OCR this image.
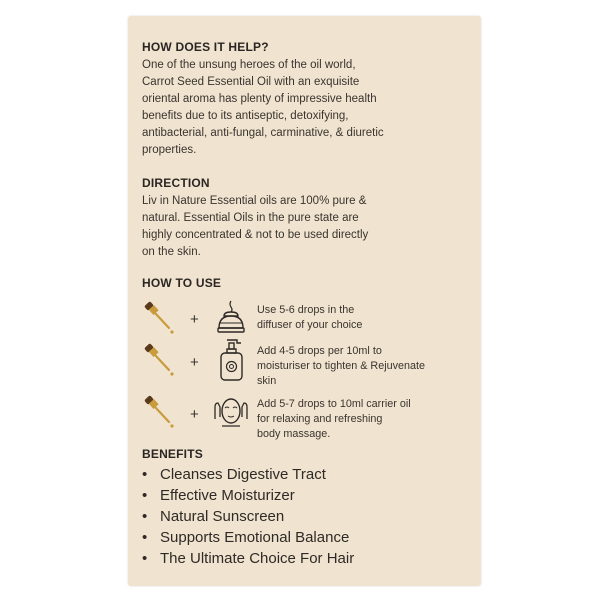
HOW DOES IT HELP?
One of the unsung heroes of the oil world,
Carrot Seed Essential Oil with an exquisite
oriental aroma has plenty of impressive health
benefits due to its antiseptic, detoxifying,
antibacterial, anti-fungal, carminative, & diuretic
properties.
DIRECTION
Liv in Nature Essential oils are 100% pure &
natural. Essential Oils in the pure state are
highly concentrated & not to be used directly
on the skin.
HOW TO USE
+
Use 5-6 drops in the
diffuser of your choice
+
Add 4-5 drops per 10ml to
moisturiser to tighten & Rejuvenate
skin
+
Add 5-7 drops to 10ml carrier oil
for relaxing and refreshing
body massage.
BENEFITS
• Cleanses Digestive Tract
• Effective Moisturizer
• Natural Sunscreen
• Supports Emotional Balance
• The Ultimate Choice For Hair
